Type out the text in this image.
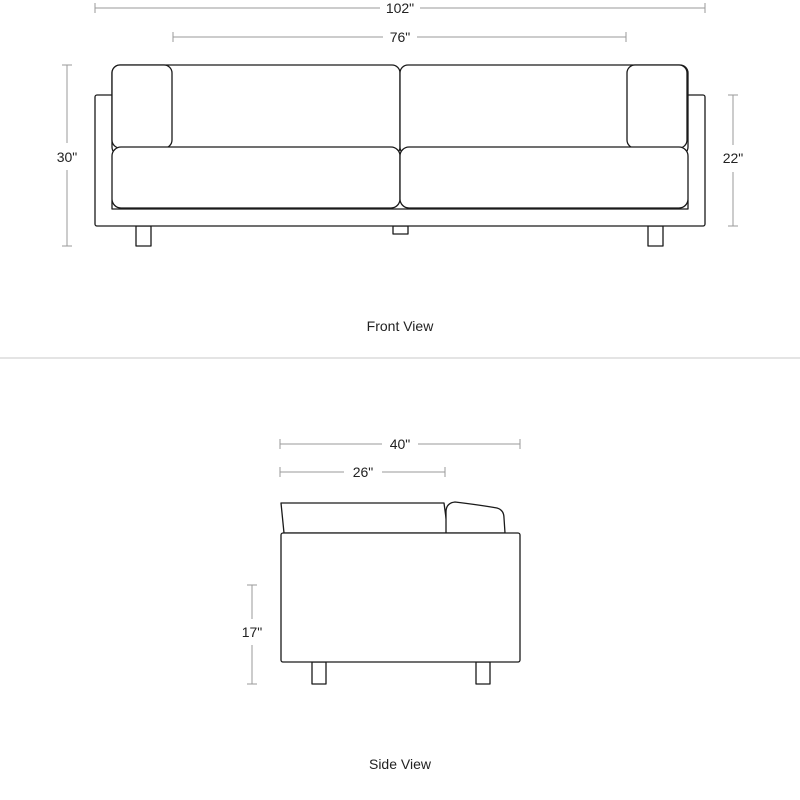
102"
76"
30"	22"
Front View
40"
26"
17"
Side View
